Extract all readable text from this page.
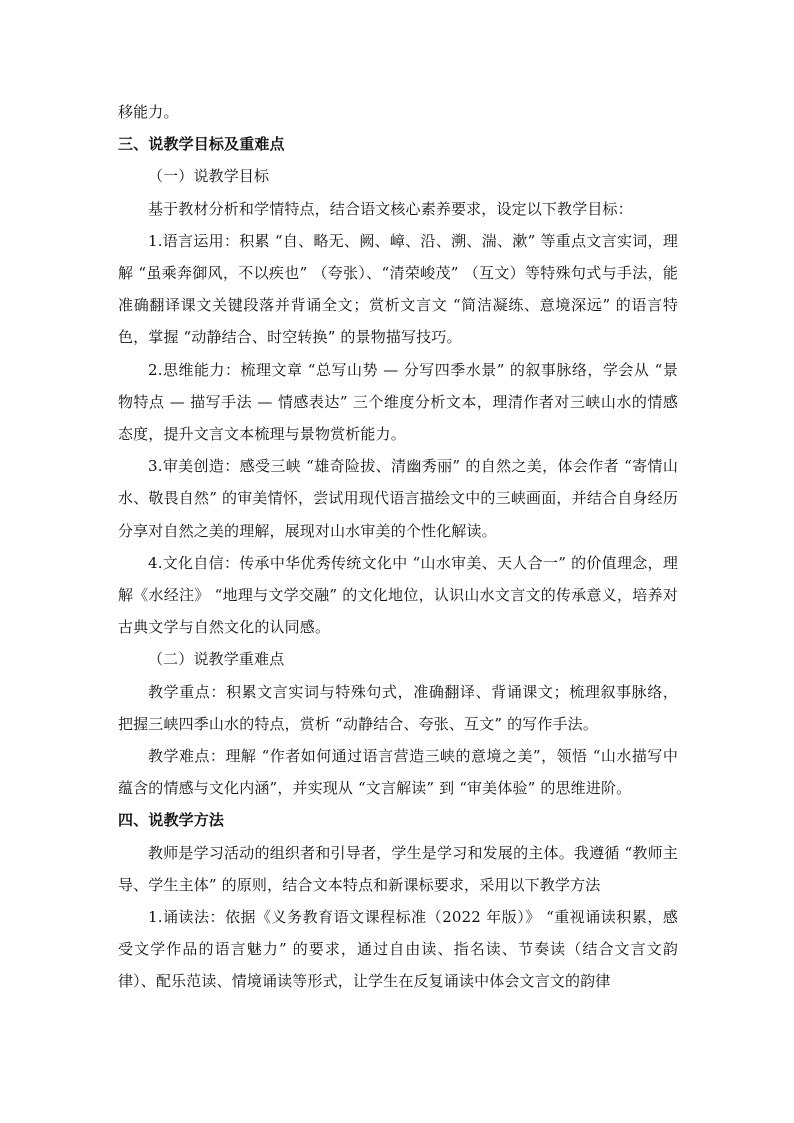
移能力。

三、说教学目标及重难点

（一）说教学目标

基于教材分析和学情特点，结合语文核心素养要求，设定以下教学目标：

1.语言运用：积累 “自、略无、阙、嶂、沿、溯、湍、漱” 等重点文言实词，理解 “虽乘奔御风，不以疾也” （夸张）、“清荣峻茂” （互文）等特殊句式与手法，能准确翻译课文关键段落并背诵全文；赏析文言文 “简洁凝练、意境深远” 的语言特色，掌握 “动静结合、时空转换” 的景物描写技巧。

2.思维能力：梳理文章 “总写山势 — 分写四季水景” 的叙事脉络，学会从 “景物特点 — 描写手法 — 情感表达” 三个维度分析文本，理清作者对三峡山水的情感态度，提升文言文本梳理与景物赏析能力。

3.审美创造：感受三峡 “雄奇险拔、清幽秀丽” 的自然之美，体会作者 “寄情山水、敬畏自然” 的审美情怀，尝试用现代语言描绘文中的三峡画面，并结合自身经历分享对自然之美的理解，展现对山水审美的个性化解读。

4.文化自信：传承中华优秀传统文化中 “山水审美、天人合一” 的价值理念，理解《水经注》 “地理与文学交融” 的文化地位，认识山水文言文的传承意义，培养对古典文学与自然文化的认同感。

（二）说教学重难点

教学重点：积累文言实词与特殊句式，准确翻译、背诵课文；梳理叙事脉络，把握三峡四季山水的特点，赏析 “动静结合、夸张、互文” 的写作手法。

教学难点：理解 “作者如何通过语言营造三峡的意境之美”，领悟 “山水描写中蕴含的情感与文化内涵”，并实现从 “文言解读” 到 “审美体验” 的思维进阶。

四、说教学方法

教师是学习活动的组织者和引导者，学生是学习和发展的主体。我遵循 “教师主导、学生主体” 的原则，结合文本特点和新课标要求，采用以下教学方法

1.诵读法：依据《义务教育语文课程标准（2022 年版）》 “重视诵读积累，感受文学作品的语言魅力” 的要求，通过自由读、指名读、节奏读（结合文言文韵律）、配乐范读、情境诵读等形式，让学生在反复诵读中体会文言文的韵律
